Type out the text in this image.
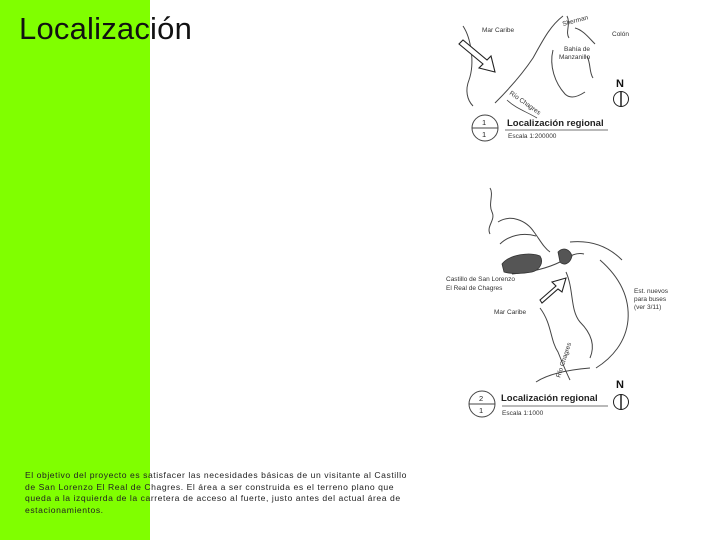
Localización	Mar Caribe
Sherman
Colón
Bahía de
Manzanillo
Río Chagres
N
1
1
Localización regional
Escala 1:200000
Castillo de San Lorenzo
El Real de Chagres	Est. nuevos
para buses
(ver 3/11)
Mar Caribe
Río Chagres
N
2
1
Localización regional
Escala 1:1000

El objetivo del proyecto es satisfacer las necesidades básicas de un visitante al Castillo de San Lorenzo El Real de Chagres. El área a ser construida es el terreno plano que queda a la izquierda de la carretera de acceso al fuerte, justo antes del actual área de estacionamientos.
